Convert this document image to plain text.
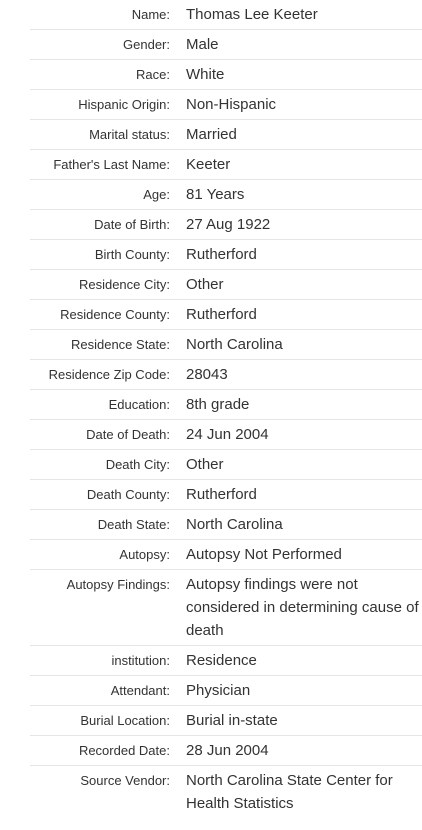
Name:	Thomas Lee Keeter
Gender:	Male
Race:	White
Hispanic Origin:	Non-Hispanic
Marital status:	Married
Father's Last Name:	Keeter
Age:	81 Years
Date of Birth:	27 Aug 1922
Birth County:	Rutherford
Residence City:	Other
Residence County:	Rutherford
Residence State:	North Carolina
Residence Zip Code:	28043
Education:	8th grade
Date of Death:	24 Jun 2004
Death City:	Other
Death County:	Rutherford
Death State:	North Carolina
Autopsy:	Autopsy Not Performed
Autopsy Findings:	Autopsy findings were not considered in determining cause of death
institution:	Residence
Attendant:	Physician
Burial Location:	Burial in-state
Recorded Date:	28 Jun 2004
Source Vendor:	North Carolina State Center for Health Statistics
